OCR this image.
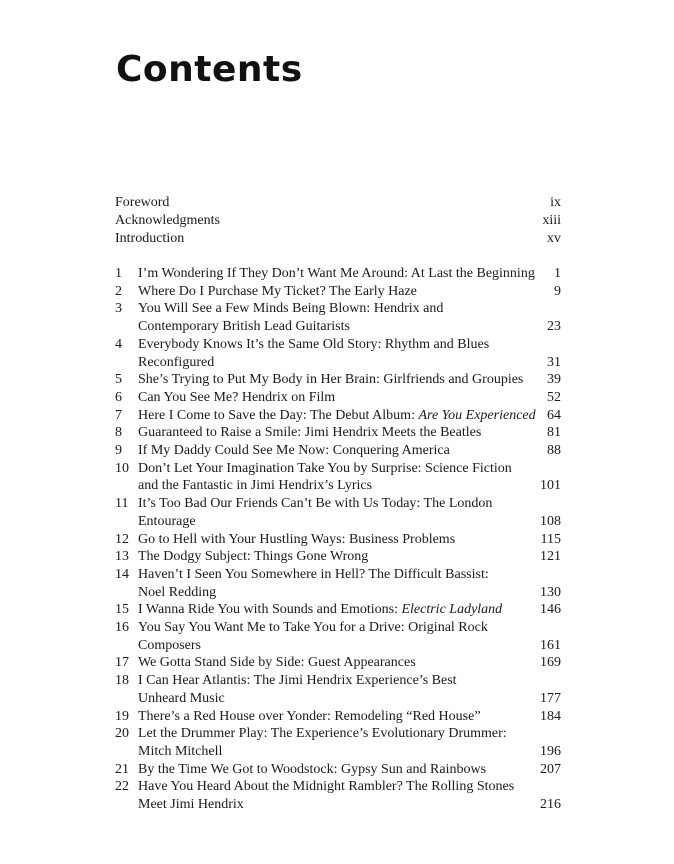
Contents
Foreword	ix
Acknowledgments	xiii
Introduction	xv
1	I’m Wondering If They Don’t Want Me Around: At Last the Beginning	1
2	Where Do I Purchase My Ticket? The Early Haze	9
3	You Will See a Few Minds Being Blown: Hendrix and
Contemporary British Lead Guitarists	23
4	Everybody Knows It’s the Same Old Story: Rhythm and Blues
Reconfigured	31
5	She’s Trying to Put My Body in Her Brain: Girlfriends and Groupies	39
6	Can You See Me? Hendrix on Film	52
7	Here I Come to Save the Day: The Debut Album: Are You Experienced 64
8	Guaranteed to Raise a Smile: Jimi Hendrix Meets the Beatles	81
9	If My Daddy Could See Me Now: Conquering America	88
10 Don’t Let Your Imagination Take You by Surprise: Science Fiction
and the Fantastic in Jimi Hendrix’s Lyrics	101
11 It’s Too Bad Our Friends Can’t Be with Us Today: The London
Entourage	108
12 Go to Hell with Your Hustling Ways: Business Problems	115
13 The Dodgy Subject: Things Gone Wrong	121
14 Haven’t I Seen You Somewhere in Hell? The Difficult Bassist:
Noel Redding	130
15 I Wanna Ride You with Sounds and Emotions: Electric Ladyland	146
16 You Say You Want Me to Take You for a Drive: Original Rock
Composers	161
17 We Gotta Stand Side by Side: Guest Appearances	169
18 I Can Hear Atlantis: The Jimi Hendrix Experience’s Best
Unheard Music	177
19 There’s a Red House over Yonder: Remodeling “Red House”	184
20 Let the Drummer Play: The Experience’s Evolutionary Drummer:
Mitch Mitchell	196
21 By the Time We Got to Woodstock: Gypsy Sun and Rainbows	207
22 Have You Heard About the Midnight Rambler? The Rolling Stones
Meet Jimi Hendrix	216
